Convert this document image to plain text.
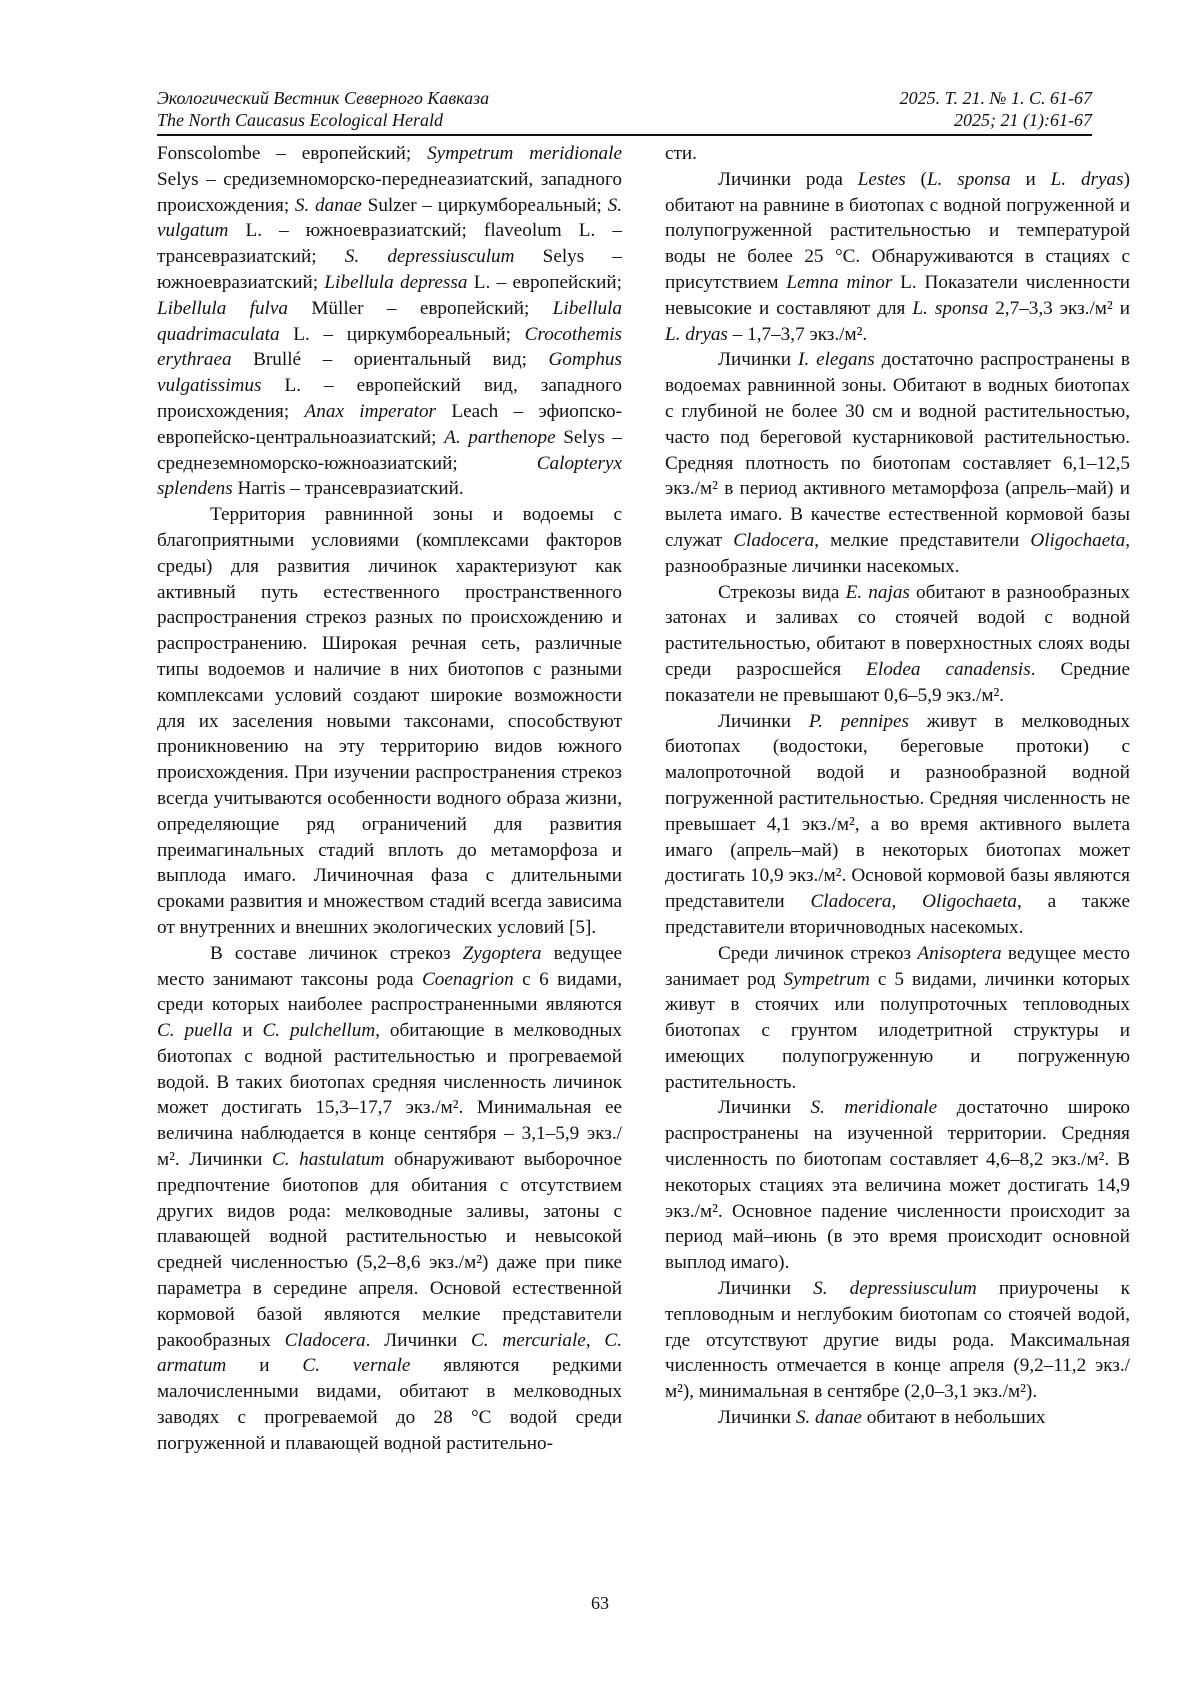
Экологический Вестник Северного Кавказа	2025. Т. 21. № 1. С. 61-67
The North Caucasus Ecological Herald	2025; 21 (1):61-67

Fonscolombe – европейский; Sympetrum meridionale Selys – средиземноморско-переднеазиатский, западного происхождения; S. danae Sulzer – циркумбореальный; S. vulgatum L. – южноевразиатский; flaveolum L. – трансевразиатский; S. depressiusculum Selys – южноевразиатский; Libellula depressa L. – европейский; Libellula fulva Müller – европейский; Libellula quadrimaculata L. – циркумбореальный; Crocothemis erythraea Brullé – ориентальный вид; Gomphus vulgatissimus L. – европейский вид, западного происхождения; Anax imperator Leach – эфиопско-европейско-центральноазиатский; A. parthenope Selys – среднеземноморско-южноазиатский; Calopteryx splendens Harris – трансевразиатский.

Территория равнинной зоны и водоемы с благоприятными условиями (комплексами факторов среды) для развития личинок характеризуют как активный путь естественного пространственного распространения стрекоз разных по происхождению и распространению. Широкая речная сеть, различные типы водоемов и наличие в них биотопов с разными комплексами условий создают широкие возможности для их заселения новыми таксонами, способствуют проникновению на эту территорию видов южного происхождения. При изучении распространения стрекоз всегда учитываются особенности водного образа жизни, определяющие ряд ограничений для развития преимагинальных стадий вплоть до метаморфоза и выплода имаго. Личиночная фаза с длительными сроками развития и множеством стадий всегда зависима от внутренних и внешних экологических условий [5].

В составе личинок стрекоз Zygoptera ведущее место занимают таксоны рода Coenagrion с 6 видами, среди которых наиболее распространенными являются C. puella и C. pulchellum, обитающие в мелководных биотопах с водной растительностью и прогреваемой водой. В таких биотопах средняя численность личинок может достигать 15,3–17,7 экз./м². Минимальная ее величина наблюдается в конце сентября – 3,1–5,9 экз./м². Личинки C. hastulatum обнаруживают выборочное предпочтение биотопов для обитания с отсутствием других видов рода: мелководные заливы, затоны с плавающей водной растительностью и невысокой средней численностью (5,2–8,6 экз./м²) даже при пике параметра в середине апреля. Основой естественной кормовой базой являются мелкие представители ракообразных Cladocera. Личинки C. mercuriale, C. armatum и C. vernale являются редкими малочисленными видами, обитают в мелководных заводях с прогреваемой до 28 °С водой среди погруженной и плавающей водной растительно-

сти.

Личинки рода Lestes (L. sponsa и L. dryas) обитают на равнине в биотопах с водной погруженной и полупогруженной растительностью и температурой воды не более 25 °С. Обнаруживаются в стациях с присутствием Lemna minor L. Показатели численности невысокие и составляют для L. sponsa 2,7–3,3 экз./м² и L. dryas – 1,7–3,7 экз./м².

Личинки I. elegans достаточно распространены в водоемах равнинной зоны. Обитают в водных биотопах с глубиной не более 30 см и водной растительностью, часто под береговой кустарниковой растительностью. Средняя плотность по биотопам составляет 6,1–12,5 экз./м² в период активного метаморфоза (апрель–май) и вылета имаго. В качестве естественной кормовой базы служат Cladocera, мелкие представители Oligochaeta, разнообразные личинки насекомых.

Стрекозы вида E. najas обитают в разнообразных затонах и заливах со стоячей водой с водной растительностью, обитают в поверхностных слоях воды среди разросшейся Elodea canadensis. Средние показатели не превышают 0,6–5,9 экз./м².

Личинки P. pennipes живут в мелководных биотопах (водостоки, береговые протоки) с малопроточной водой и разнообразной водной погруженной растительностью. Средняя численность не превышает 4,1 экз./м², а во время активного вылета имаго (апрель–май) в некоторых биотопах может достигать 10,9 экз./м². Основой кормовой базы являются представители Cladocera, Oligochaeta, а также представители вторичноводных насекомых.

Среди личинок стрекоз Anisoptera ведущее место занимает род Sympetrum с 5 видами, личинки которых живут в стоячих или полупроточных тепловодных биотопах с грунтом илодетритной структуры и имеющих полупогруженную и погруженную растительность.

Личинки S. meridionale достаточно широко распространены на изученной территории. Средняя численность по биотопам составляет 4,6–8,2 экз./м². В некоторых стациях эта величина может достигать 14,9 экз./м². Основное падение численности происходит за период май–июнь (в это время происходит основной выплод имаго).

Личинки S. depressiusculum приурочены к тепловодным и неглубоким биотопам со стоячей водой, где отсутствуют другие виды рода. Максимальная численность отмечается в конце апреля (9,2–11,2 экз./м²), минимальная в сентябре (2,0–3,1 экз./м²).

Личинки S. danae обитают в небольших

63
